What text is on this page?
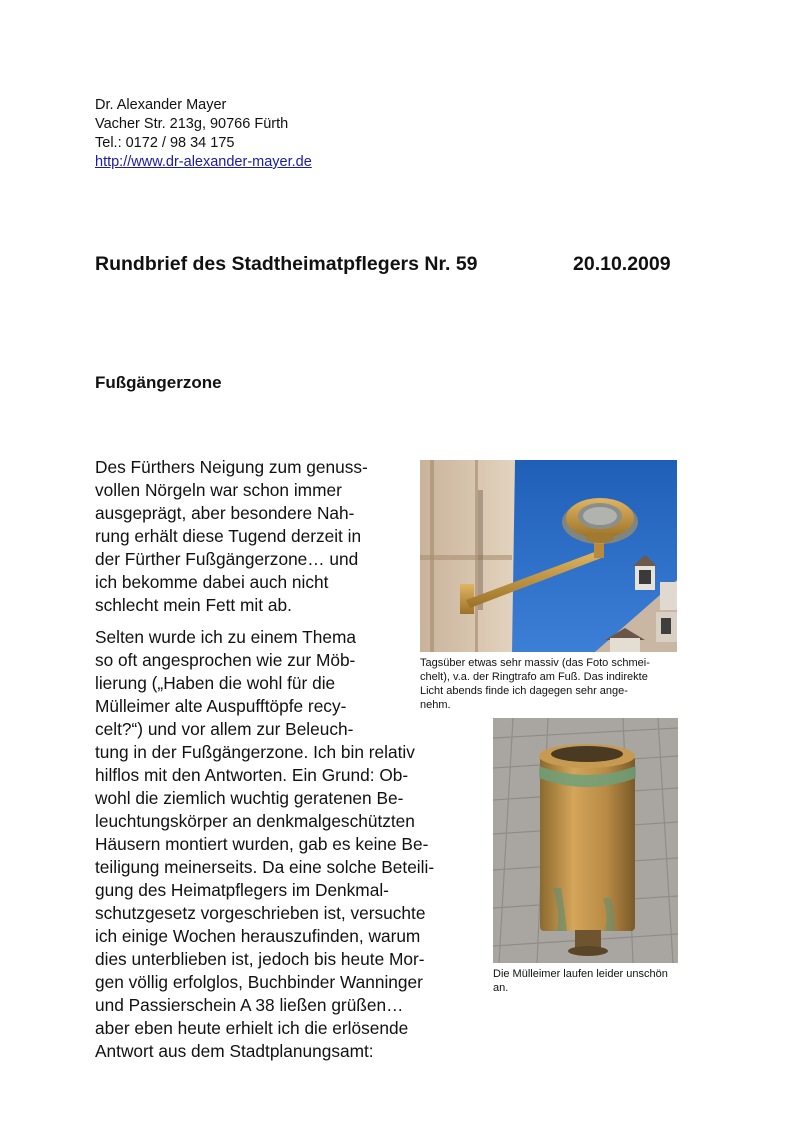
Dr. Alexander Mayer
Vacher Str. 213g, 90766 Fürth
Tel.: 0172 / 98 34 175
http://www.dr-alexander-mayer.de
Rundbrief des Stadtheimatpflegers Nr. 59	20.10.2009
Fußgängerzone
Des Fürthers Neigung zum genuss-
vollen Nörgeln war schon immer
ausgeprägt, aber besondere Nah-
rung erhält diese Tugend derzeit in
der Fürther Fußgängerzone… und
ich bekomme dabei auch nicht
schlecht mein Fett mit ab.
Selten wurde ich zu einem Thema
so oft angesprochen wie zur Möb-
lierung („Haben die wohl für die
Mülleimer alte Auspufftöpfe recy-
celt?“) und vor allem zur Beleuch-
tung in der Fußgängerzone. Ich bin relativ
hilflos mit den Antworten. Ein Grund: Ob-
wohl die ziemlich wuchtig geratenen Be-
leuchtungskörper an denkmalgeschützten
Häusern montiert wurden, gab es keine Be-
teiligung meinerseits. Da eine solche Beteili-
gung des Heimatpflegers im Denkmal-
schutzgesetz vorgeschrieben ist, versuchte
ich einige Wochen herauszufinden, warum
dies unterblieben ist, jedoch bis heute Mor-
gen völlig erfolglos, Buchbinder Wanninger
und Passierschein A 38 ließen grüßen…
aber eben heute erhielt ich die erlösende
Antwort aus dem Stadtplanungsamt:
Tagsüber etwas sehr massiv (das Foto schmei-
chelt), v.a. der Ringtrafo am Fuß. Das indirekte
Licht abends finde ich dagegen sehr ange-
nehm.
Die Mülleimer laufen leider unschön
an.
